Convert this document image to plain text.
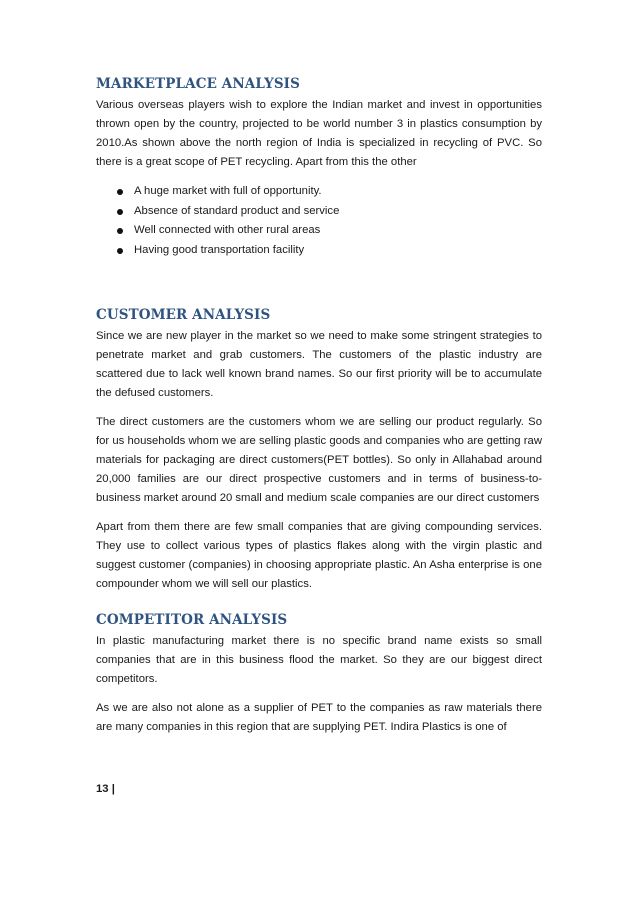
MARKETPLACE ANALYSIS

Various overseas players wish to explore the Indian market and invest in opportunities thrown open by the country, projected to be world number 3 in plastics consumption by 2010.As shown above the north region of India is specialized in recycling of PVC. So there is a great scope of PET recycling. Apart from this the other

A huge market with full of opportunity.
Absence of standard product and service
Well connected with other rural areas
Having good transportation facility
CUSTOMER ANALYSIS

Since we are new player in the market so we need to make some stringent strategies to penetrate market and grab customers. The customers of the plastic industry are scattered due to lack well known brand names. So our first priority will be to accumulate the defused customers.

The direct customers are the customers whom we are selling our product regularly. So for us households whom we are selling plastic goods and companies who are getting raw materials for packaging are direct customers(PET bottles). So only in Allahabad around 20,000 families are our direct prospective customers and in terms of business-to-business market around 20 small and medium scale companies are our direct customers

Apart from them there are few small companies that are giving compounding services. They use to collect various types of plastics flakes along with the virgin plastic and suggest customer (companies) in choosing appropriate plastic. An Asha enterprise is one compounder whom we will sell our plastics.

COMPETITOR ANALYSIS

In plastic manufacturing market there is no specific brand name exists so small companies that are in this business flood the market. So they are our biggest direct competitors.

As we are also not alone as a supplier of PET to the companies as raw materials there are many companies in this region that are supplying PET. Indira Plastics is one of

13 |
